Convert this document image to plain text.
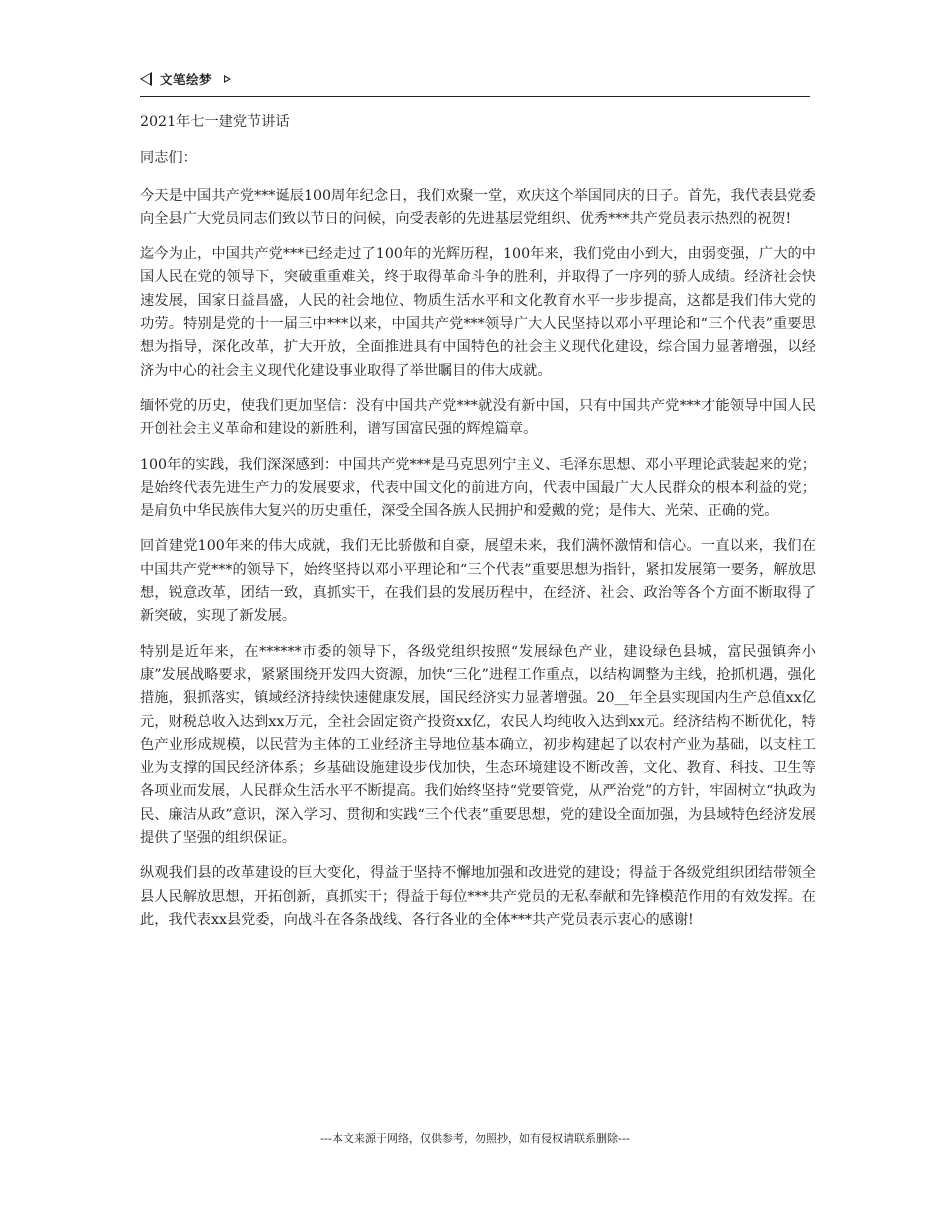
文笔绘梦

2021年七一建党节讲话

同志们：

今天是中国共产党***诞辰100周年纪念日，我们欢聚一堂，欢庆这个举国同庆的日子。首先，我代表县党委向全县广大党员同志们致以节日的问候，向受表彰的先进基层党组织、优秀***共产党员表示热烈的祝贺!

迄今为止，中国共产党***已经走过了100年的光辉历程，100年来，我们党由小到大，由弱变强，广大的中国人民在党的领导下，突破重重难关，终于取得革命斗争的胜利，并取得了一序列的骄人成绩。经济社会快速发展，国家日益昌盛，人民的社会地位、物质生活水平和文化教育水平一步步提高，这都是我们伟大党的功劳。特别是党的十一届三中***以来，中国共产党***领导广大人民坚持以邓小平理论和“三个代表”重要思想为指导，深化改革，扩大开放，全面推进具有中国特色的社会主义现代化建设，综合国力显著增强，以经济为中心的社会主义现代化建设事业取得了举世瞩目的伟大成就。

缅怀党的历史，使我们更加坚信：没有中国共产党***就没有新中国，只有中国共产党***才能领导中国人民开创社会主义革命和建设的新胜利，谱写国富民强的辉煌篇章。

100年的实践，我们深深感到：中国共产党***是马克思列宁主义、毛泽东思想、邓小平理论武装起来的党；是始终代表先进生产力的发展要求，代表中国文化的前进方向，代表中国最广大人民群众的根本利益的党；是肩负中华民族伟大复兴的历史重任，深受全国各族人民拥护和爱戴的党；是伟大、光荣、正确的党。

回首建党100年来的伟大成就，我们无比骄傲和自豪，展望未来，我们满怀激情和信心。一直以来，我们在中国共产党***的领导下，始终坚持以邓小平理论和“三个代表”重要思想为指针，紧扣发展第一要务，解放思想，锐意改革，团结一致，真抓实干，在我们县的发展历程中，在经济、社会、政治等各个方面不断取得了新突破，实现了新发展。

特别是近年来，在******市委的领导下，各级党组织按照“发展绿色产业，建设绿色县城，富民强镇奔小康”发展战略要求，紧紧围绕开发四大资源，加快“三化”进程工作重点，以结构调整为主线，抢抓机遇，强化措施，狠抓落实，镇域经济持续快速健康发展，国民经济实力显著增强。20__年全县实现国内生产总值xx亿元，财税总收入达到xx万元，全社会固定资产投资xx亿，农民人均纯收入达到xx元。经济结构不断优化，特色产业形成规模，以民营为主体的工业经济主导地位基本确立，初步构建起了以农村产业为基础，以支柱工业为支撑的国民经济体系；乡基础设施建设步伐加快，生态环境建设不断改善，文化、教育、科技、卫生等各项业而发展，人民群众生活水平不断提高。我们始终坚持“党要管党，从严治党”的方针，牢固树立“执政为民、廉洁从政”意识，深入学习、贯彻和实践“三个代表”重要思想，党的建设全面加强，为县域特色经济发展提供了坚强的组织保证。

纵观我们县的改革建设的巨大变化，得益于坚持不懈地加强和改进党的建设；得益于各级党组织团结带领全县人民解放思想，开拓创新，真抓实干；得益于每位***共产党员的无私奉献和先锋模范作用的有效发挥。在此，我代表xx县党委，向战斗在各条战线、各行各业的全体***共产党员表示衷心的感谢!

---本文来源于网络，仅供参考，勿照抄，如有侵权请联系删除---
